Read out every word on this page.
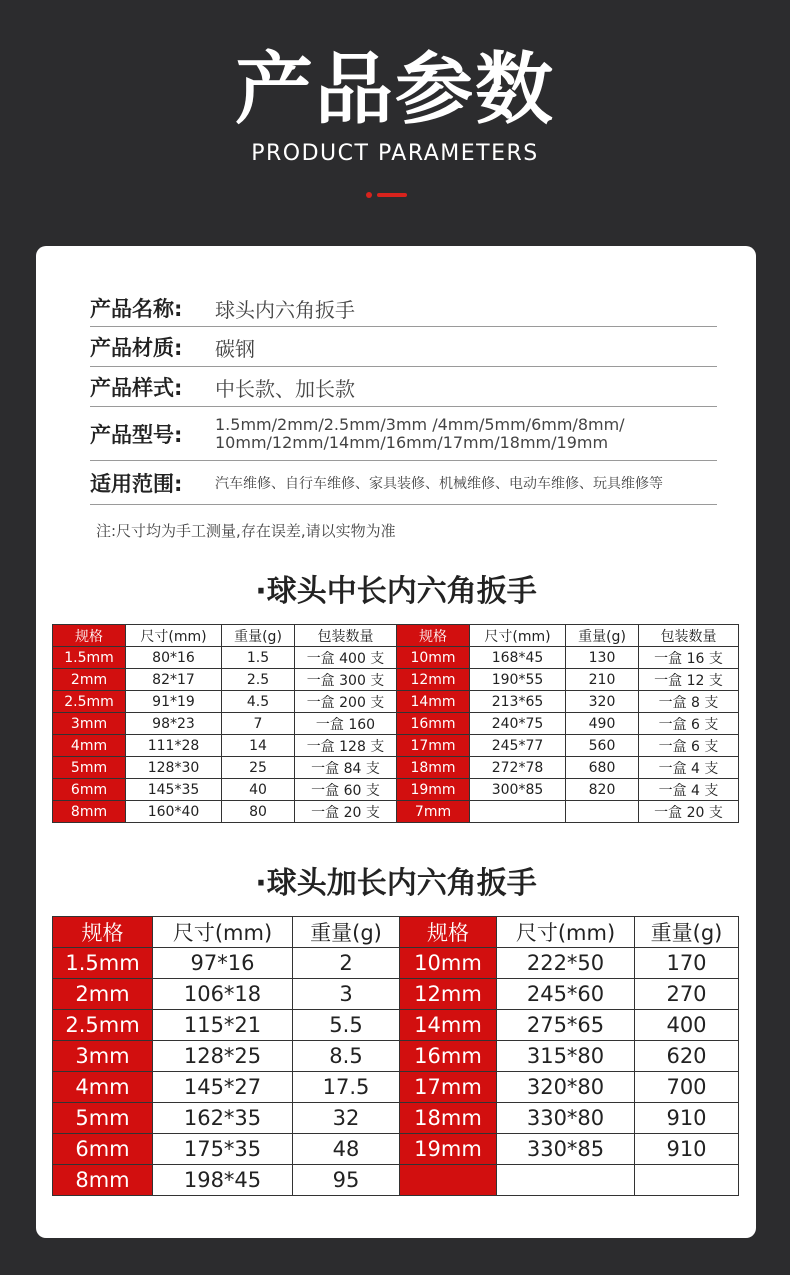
产品参数
PRODUCT PARAMETERS
产品名称:	球头内六角扳手
产品材质:	碳钢
产品样式:	中长款、加长款
产品型号:	1.5mm/2mm/2.5mm/3mm /4mm/5mm/6mm/8mm/
10mm/12mm/14mm/16mm/17mm/18mm/19mm
适用范围:	汽车维修、自行车维修、家具装修、机械维修、电动车维修、玩具维修等
注:尺寸均为手工测量,存在误差,请以实物为准
·球头中长内六角扳手
规格	尺寸(mm)	重量(g)	包装数量	规格	尺寸(mm)	重量(g)	包装数量
1.5mm	80*16	1.5	一盒 400 支	10mm	168*45	130	一盒 16 支
2mm	82*17	2.5	一盒 300 支	12mm	190*55	210	一盒 12 支
2.5mm	91*19	4.5	一盒 200 支	14mm	213*65	320	一盒 8 支
3mm	98*23	7	一盒 160	16mm	240*75	490	一盒 6 支
4mm	111*28	14	一盒 128 支	17mm	245*77	560	一盒 6 支
5mm	128*30	25	一盒 84 支	18mm	272*78	680	一盒 4 支
6mm	145*35	40	一盒 60 支	19mm	300*85	820	一盒 4 支
8mm	160*40	80	一盒 20 支	7mm			一盒 20 支
·球头加长内六角扳手
规格	尺寸(mm)	重量(g)	规格	尺寸(mm)	重量(g)
1.5mm	97*16	2	10mm	222*50	170
2mm	106*18	3	12mm	245*60	270
2.5mm	115*21	5.5	14mm	275*65	400
3mm	128*25	8.5	16mm	315*80	620
4mm	145*27	17.5	17mm	320*80	700
5mm	162*35	32	18mm	330*80	910
6mm	175*35	48	19mm	330*85	910
8mm	198*45	95			
